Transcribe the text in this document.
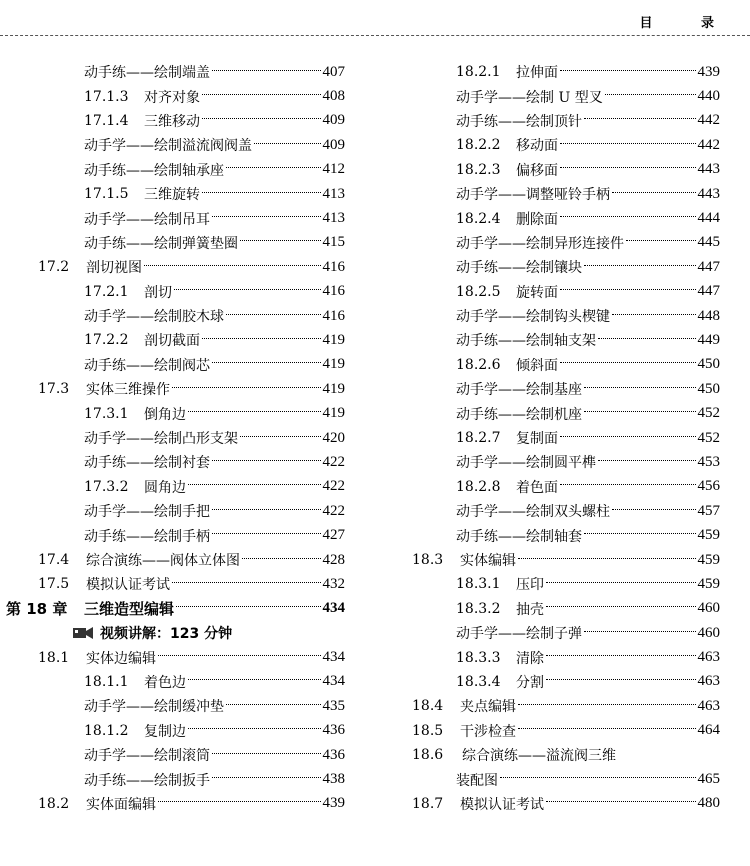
目 录
动手练——绘制端盖	407
17.1.3	对齐对象	408
17.1.4	三维移动	409
动手学——绘制溢流阀阀盖	409
动手练——绘制轴承座	412
17.1.5	三维旋转	413
动手学——绘制吊耳	413
动手练——绘制弹簧垫圈	415
17.2	剖切视图	416
17.2.1	剖切	416
动手学——绘制胶木球	416
17.2.2	剖切截面	419
动手练——绘制阀芯	419
17.3	实体三维操作	419
17.3.1	倒角边	419
动手学——绘制凸形支架	420
动手练——绘制衬套	422
17.3.2	圆角边	422
动手学——绘制手把	422
动手练——绘制手柄	427
17.4	综合演练——阀体立体图	428
17.5	模拟认证考试	432
第 18 章	三维造型编辑	434
视频讲解：123 分钟
18.1	实体边编辑	434
18.1.1	着色边	434
动手学——绘制缓冲垫	435
18.1.2	复制边	436
动手学——绘制滚筒	436
动手练——绘制扳手	438
18.2	实体面编辑	439
18.2.1	拉伸面	439
动手学——绘制 U 型叉	440
动手练——绘制顶针	442
18.2.2	移动面	442
18.2.3	偏移面	443
动手学——调整哑铃手柄	443
18.2.4	删除面	444
动手学——绘制异形连接件	445
动手练——绘制镶块	447
18.2.5	旋转面	447
动手学——绘制钩头楔键	448
动手练——绘制轴支架	449
18.2.6	倾斜面	450
动手学——绘制基座	450
动手练——绘制机座	452
18.2.7	复制面	452
动手学——绘制圆平榫	453
18.2.8	着色面	456
动手学——绘制双头螺柱	457
动手练——绘制轴套	459
18.3	实体编辑	459
18.3.1	压印	459
18.3.2	抽壳	460
动手学——绘制子弹	460
18.3.3	清除	463
18.3.4	分割	463
18.4	夹点编辑	463
18.5	干涉检查	464
18.6	综合演练——溢流阀三维
装配图	465
18.7	模拟认证考试	480
